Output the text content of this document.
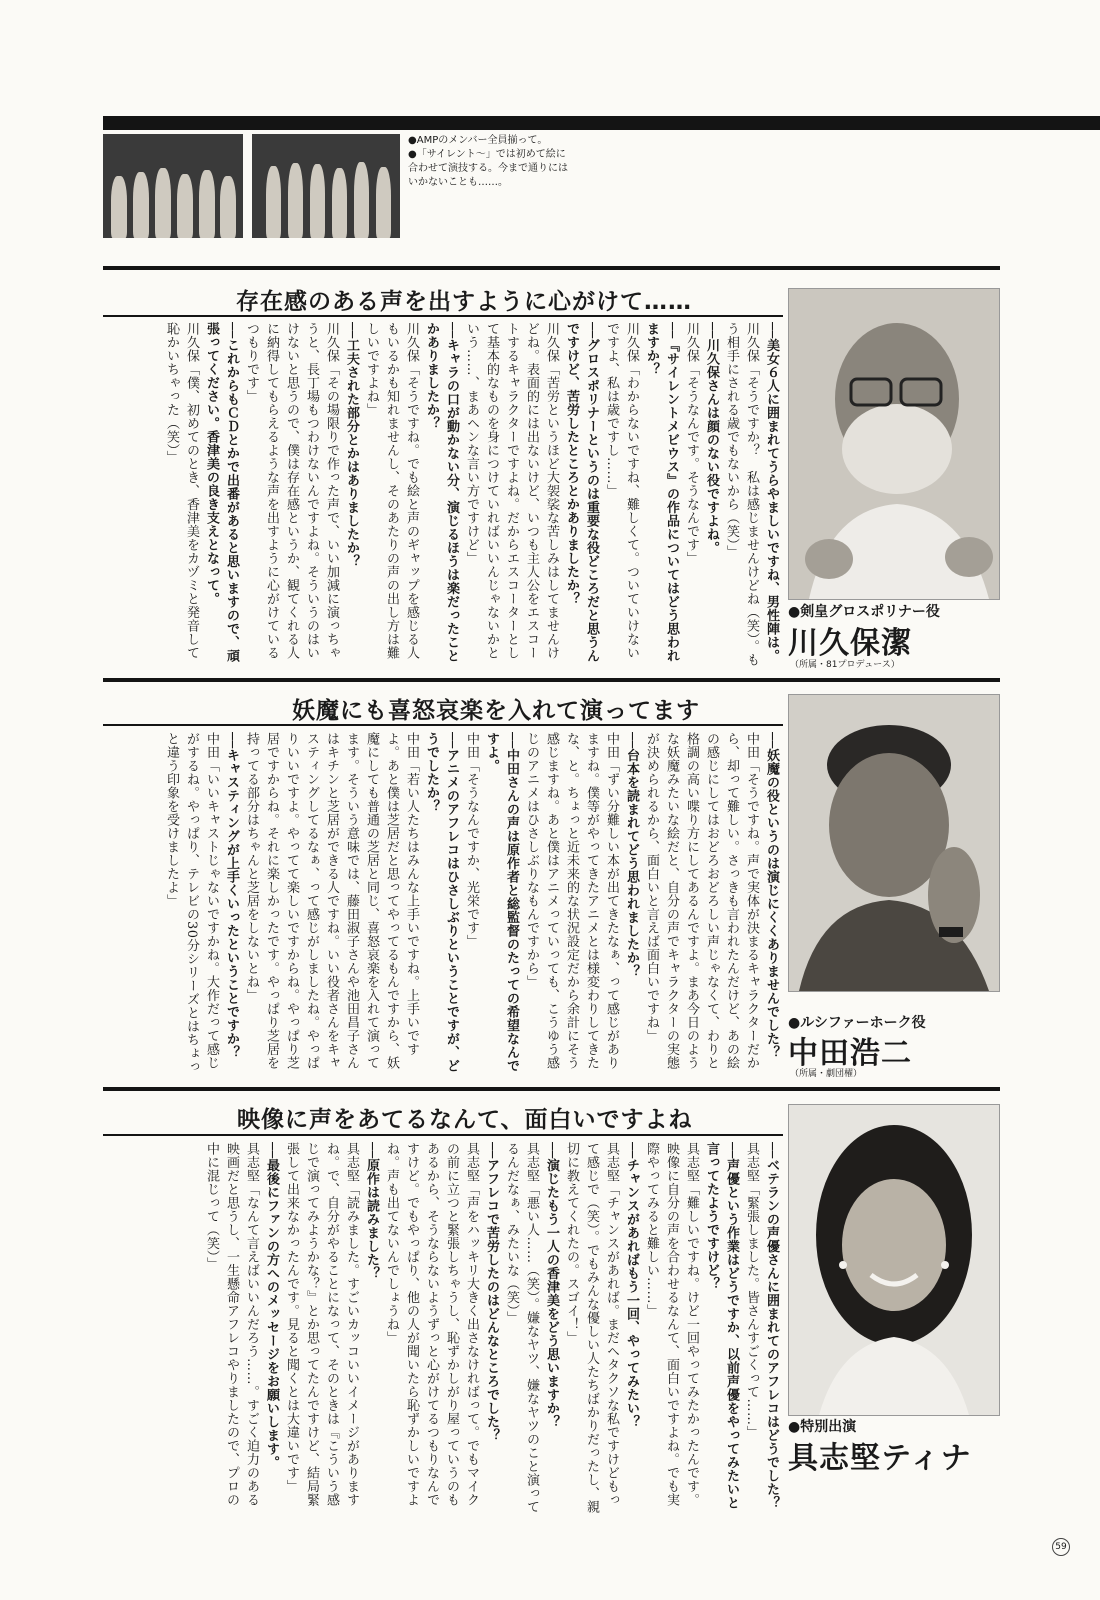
●AMPのメンバー全員揃って。
●「サイレント～」では初めて絵に合わせて演技する。今まで通りにはいかないことも……。
存在感のある声を出すように心がけて……

──美女６人に囲まれてうらやましいですね、男性陣は。

川久保「そうですか？　私は感じませんけどね（笑）。もう相手にされる歳でもないから（笑）」

──川久保さんは顔のない役ですよね。

川久保「そうなんです。そうなんです」

──『サイレントメビウス』の作品についてはどう思われますか？

川久保「わからないですね、難しくて。ついていけないですよ、私は歳ですし……」

──グロスポリナーというのは重要な役どころだと思うんですけど、苦労したところとかありましたか？

川久保「苦労というほど大袈裟な苦しみはしてませんけどね。表面的には出ないけど、いつも主人公をエスコートするキャラクターですよね。だからエスコーターとして基本的なものを身につけていればいいんじゃないかという……、まあヘンな言い方ですけど」

──キャラの口が動かない分、演じるほうは楽だったことかありましたか？

川久保「そうですね。でも絵と声のギャップを感じる人もいるかも知れませんし、そのあたりの声の出し方は難しいですよね」

──工夫された部分とかはありましたか？

川久保「その場限りで作った声で、いい加減に演っちゃうと、長丁場もつわけないんですよね。そういうのはいけないと思うので、僕は存在感というか、観てくれる人に納得してもらえるような声を出すように心がけているつもりです」

──これからもＣＤとかで出番があると思いますので、頑張ってください。香津美の良き支えとなって。

川久保「僕、初めてのとき、香津美をカヅミと発音して恥かいちゃった（笑）」

●剣皇グロスポリナー役
川久保潔
（所属・81プロデュース）
妖魔にも喜怒哀楽を入れて演ってます

──妖魔の役というのは演じにくくありませんでした？

中田「そうですね。声で実体が決まるキャラクターだから、却って難しい。さっきも言われたんだけど、あの絵の感じにしてはおどろおどろしい声じゃなくて、わりと格調の高い喋り方にしてあるんですよ。まあ今日のような妖魔みたいな絵だと、自分の声でキャラクターの実態が決められるから、面白いと言えば面白いですね」

──台本を読まれてどう思われましたか？

中田「ずい分難しい本が出てきたなぁ、って感じがありますね。僕等がやってきたアニメとは様変わりしてきたな、と。ちょっと近未来的な状況設定だから余計にそう感じますね。あと僕はアニメっていっても、こうゆう感じのアニメはひさしぶりなもんですから」

──中田さんの声は原作者と総監督のたっての希望なんですよ。

中田「そうなんですか、光栄です」

──アニメのアフレコはひさしぶりということですが、どうでしたか？

中田「若い人たちはみんな上手いですね。上手いですよ。あと僕は芝居だと思ってやってるもんですから、妖魔にしても普通の芝居と同じ、喜怒哀楽を入れて演ってます。そういう意味では、藤田淑子さんや池田昌子さんはキチンと芝居ができる人ですね。いい役者さんをキャスティングしてるなぁ、って感じがしましたね。やっぱりいいですよ。やってて楽しいですからね。やっぱり芝居ですからね。それに楽しかったです。やっぱり芝居を持ってる部分はちゃんと芝居をしないとね」

──キャスティングが上手くいったということですか？

中田「いいキャストじゃないですかね。大作だって感じがするね。やっぱり、テレビの30分シリーズとはちょっと違う印象を受けましたよ」

●ルシファーホーク役
中田浩二
（所属・劇団櫂）
映像に声をあてるなんて、面白いですよね

──ベテランの声優さんに囲まれてのアフレコはどうでした？

具志堅「緊張しました。皆さんすごくって……」

──声優という作業はどうですか、以前声優をやってみたいと言ってたようですけど？

具志堅「難しいですね。けど一回やってみたかったんです。映像に自分の声を合わせるなんて、面白いですよね。でも実際やってみると難しい……」

──チャンスがあればもう一回、やってみたい？

具志堅「チャンスがあれば。まだヘタクソな私ですけどもって感じで（笑）。でもみんな優しい人たちばかりだったし、親切に教えてくれたの。スゴイ！」

──演じたもう一人の香津美をどう思いますか？

具志堅「悪い人……（笑）。嫌なヤツ、嫌なヤツのこと演ってるんだなぁ、みたいな（笑）」

──アフレコで苦労したのはどんなところでした？

具志堅「声をハッキリ大きく出さなければって。でもマイクの前に立つと緊張しちゃうし、恥ずかしがり屋っていうのもあるから、そうならないようずっと心がけてるつもりなんですけど。でもやっぱり、他の人が聞いたら恥ずかしいですよね。声も出てないんでしょうね」

──原作は読みました？

具志堅「読みました。すごいカッコいいイメージがありますね。で、自分がやることになって、そのときは『こういう感じで演ってみようかな？』とか思ってたんですけど、結局緊張して出来なかったんです。見ると聞くとは大違いです」

──最後にファンの方へのメッセージをお願いします。

具志堅「なんて言えばいいんだろう……。すごく迫力のある映画だと思うし、一生懸命アフレコやりましたので、プロの中に混じって（笑）」

●特別出演
具志堅ティナ
59
